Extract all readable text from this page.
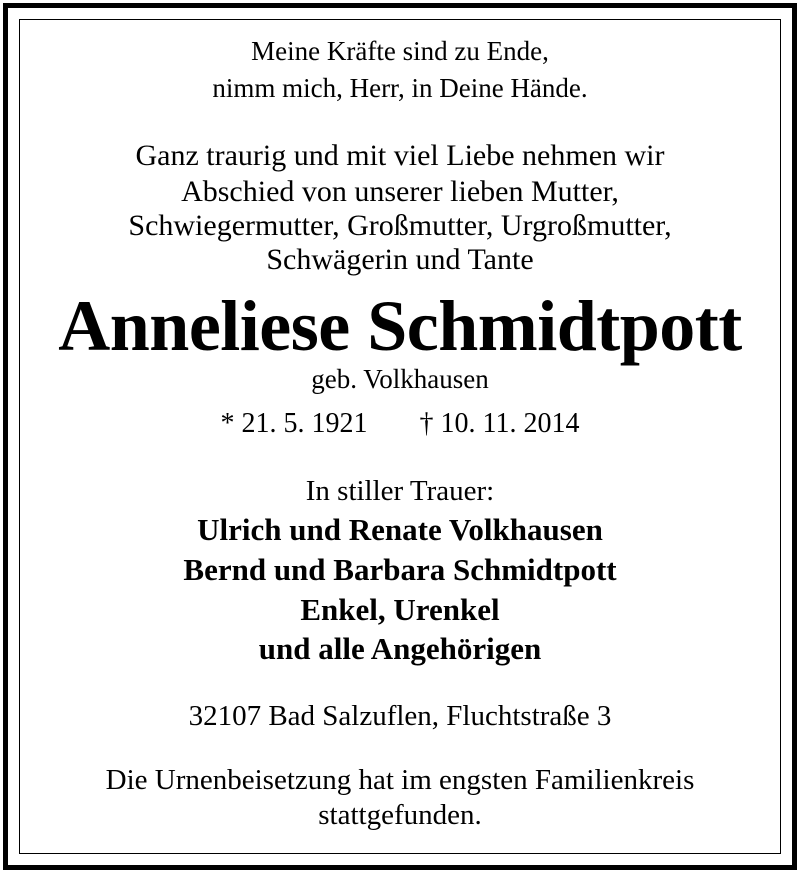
Meine Kräfte sind zu Ende,
nimm mich, Herr, in Deine Hände.
Ganz traurig und mit viel Liebe nehmen wir
Abschied von unserer lieben Mutter,
Schwiegermutter, Großmutter, Urgroßmutter,
Schwägerin und Tante
Anneliese Schmidtpott
geb. Volkhausen
* 21. 5. 1921 † 10. 11. 2014
In stiller Trauer:
Ulrich und Renate Volkhausen
Bernd und Barbara Schmidtpott
Enkel, Urenkel
und alle Angehörigen
32107 Bad Salzuflen, Fluchtstraße 3
Die Urnenbeisetzung hat im engsten Familienkreis
stattgefunden.
